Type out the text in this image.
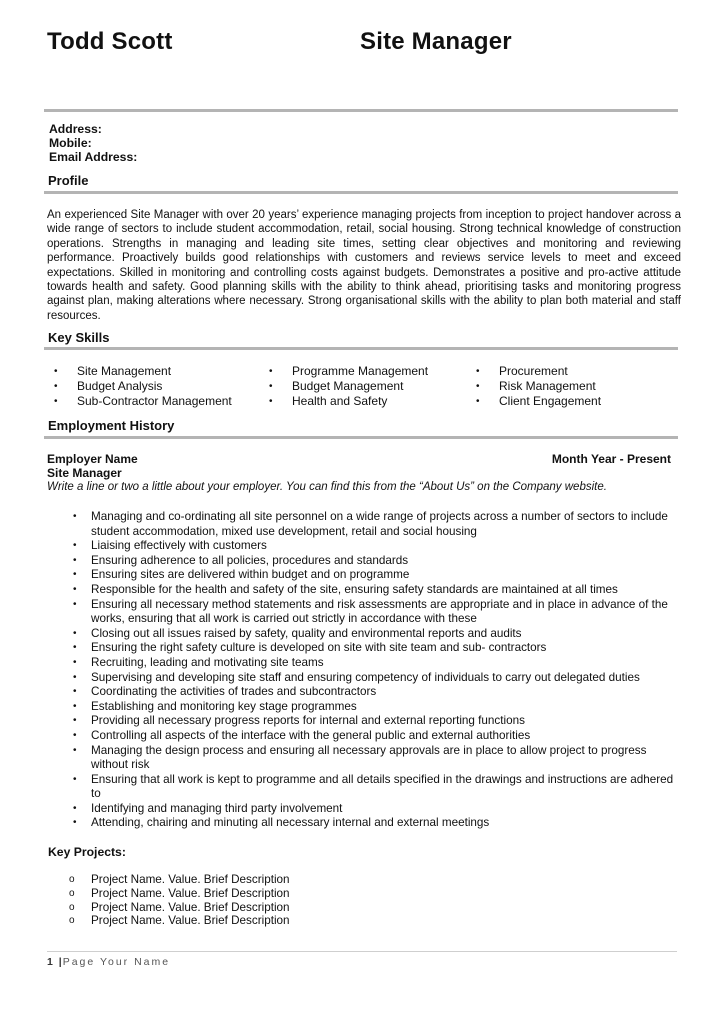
Todd Scott	Site Manager
Address:
Mobile:
Email Address:
Profile
An experienced Site Manager with over 20 years’ experience managing projects from inception to project handover across a wide range of sectors to include student accommodation, retail, social housing. Strong technical knowledge of construction operations. Strengths in managing and leading site times, setting clear objectives and monitoring and reviewing performance. Proactively builds good relationships with customers and reviews service levels to meet and exceed expectations. Skilled in monitoring and controlling costs against budgets. Demonstrates a positive and pro-active attitude towards health and safety. Good planning skills with the ability to think ahead, prioritising tasks and monitoring progress against plan, making alterations where necessary. Strong organisational skills with the ability to plan both material and staff resources.
Key Skills
• Site Management
• Budget Analysis
• Sub-Contractor Management
• Programme Management
• Budget Management
• Health and Safety
• Procurement
• Risk Management
• Client Engagement
Employment History
Employer Name
Site Manager
Month Year - Present
Write a line or two a little about your employer. You can find this from the “About Us” on the Company website.
• Managing and co-ordinating all site personnel on a wide range of projects across a number of sectors to include student accommodation, mixed use development, retail and social housing
• Liaising effectively with customers
• Ensuring adherence to all policies, procedures and standards
• Ensuring sites are delivered within budget and on programme
• Responsible for the health and safety of the site, ensuring safety standards are maintained at all times
• Ensuring all necessary method statements and risk assessments are appropriate and in place in advance of the works, ensuring that all work is carried out strictly in accordance with these
• Closing out all issues raised by safety, quality and environmental reports and audits
• Ensuring the right safety culture is developed on site with site team and sub- contractors
• Recruiting, leading and motivating site teams
• Supervising and developing site staff and ensuring competency of individuals to carry out delegated duties
• Coordinating the activities of trades and subcontractors
• Establishing and monitoring key stage programmes
• Providing all necessary progress reports for internal and external reporting functions
• Controlling all aspects of the interface with the general public and external authorities
• Managing the design process and ensuring all necessary approvals are in place to allow project to progress without risk
• Ensuring that all work is kept to programme and all details specified in the drawings and instructions are adhered to
• Identifying and managing third party involvement
• Attending, chairing and minuting all necessary internal and external meetings
Key Projects:
o Project Name. Value. Brief Description
o Project Name. Value. Brief Description
o Project Name. Value. Brief Description
o Project Name. Value. Brief Description
1 |Page Your Name
